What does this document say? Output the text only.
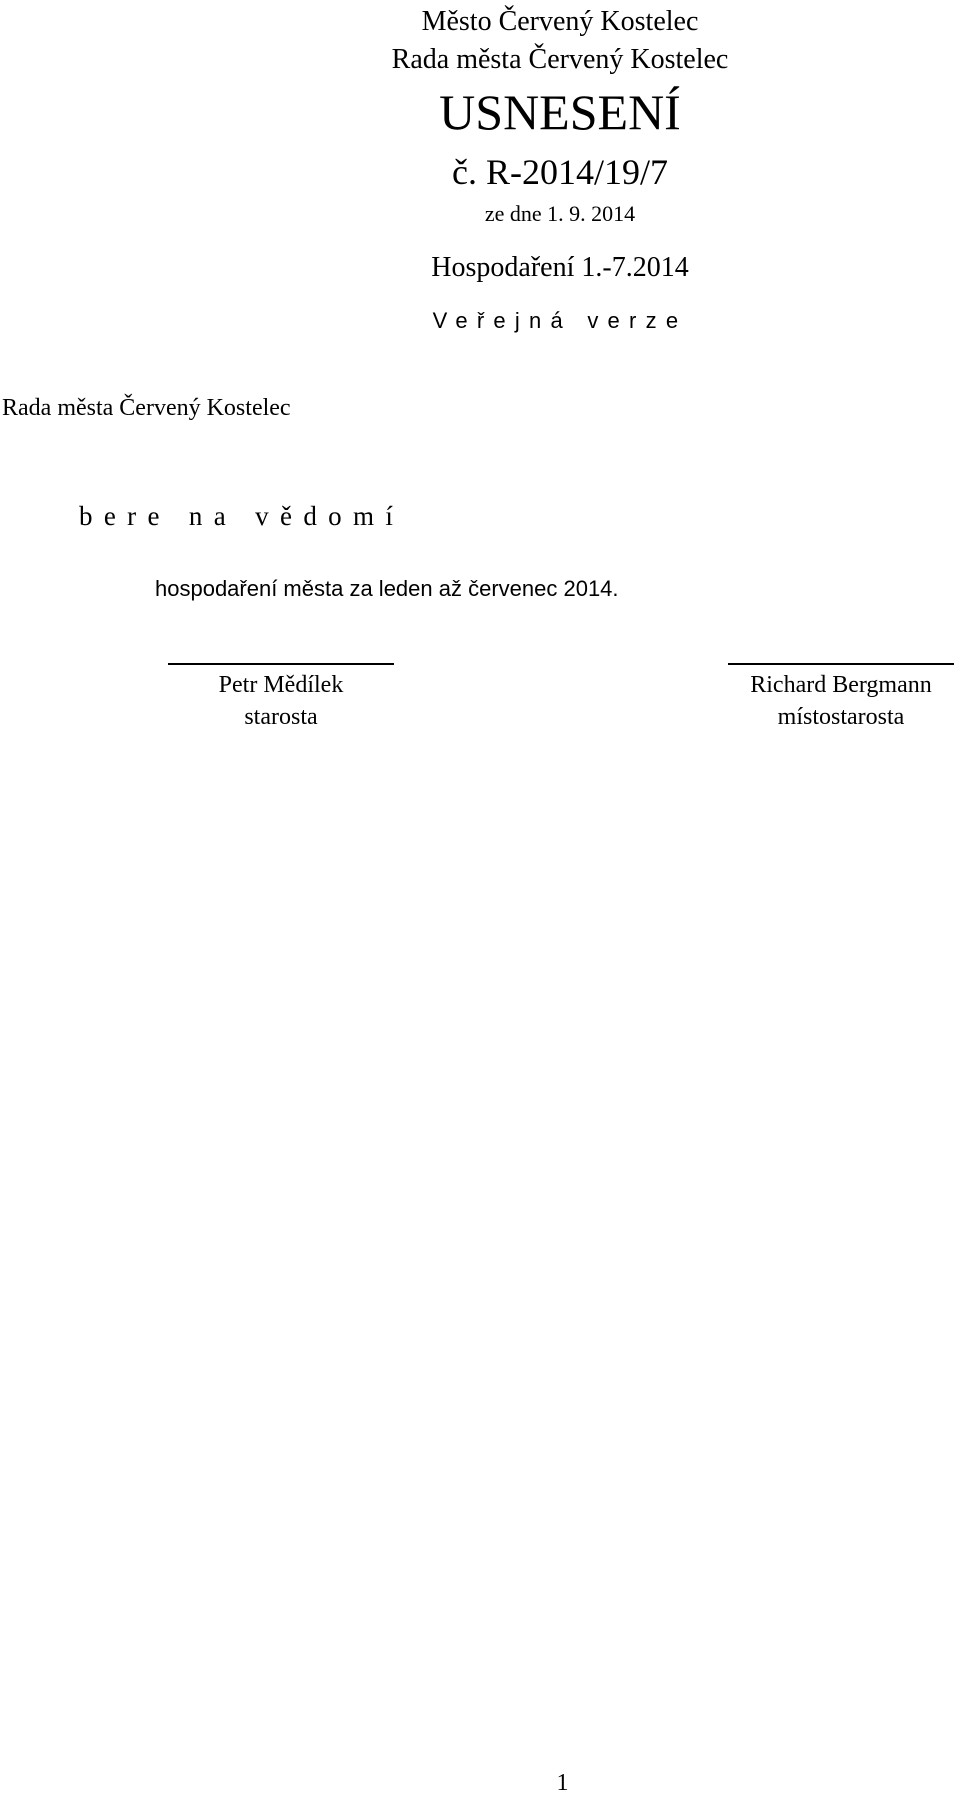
Město Červený Kostelec
Rada města Červený Kostelec
USNESENÍ
č. R-2014/19/7
ze dne 1. 9. 2014
Hospodaření 1.-7.2014
Veřejná verze
Rada města Červený Kostelec
bere na vědomí
hospodaření města za leden až červenec 2014.
Petr Mědílek
starosta
Richard Bergmann
místostarosta
1
